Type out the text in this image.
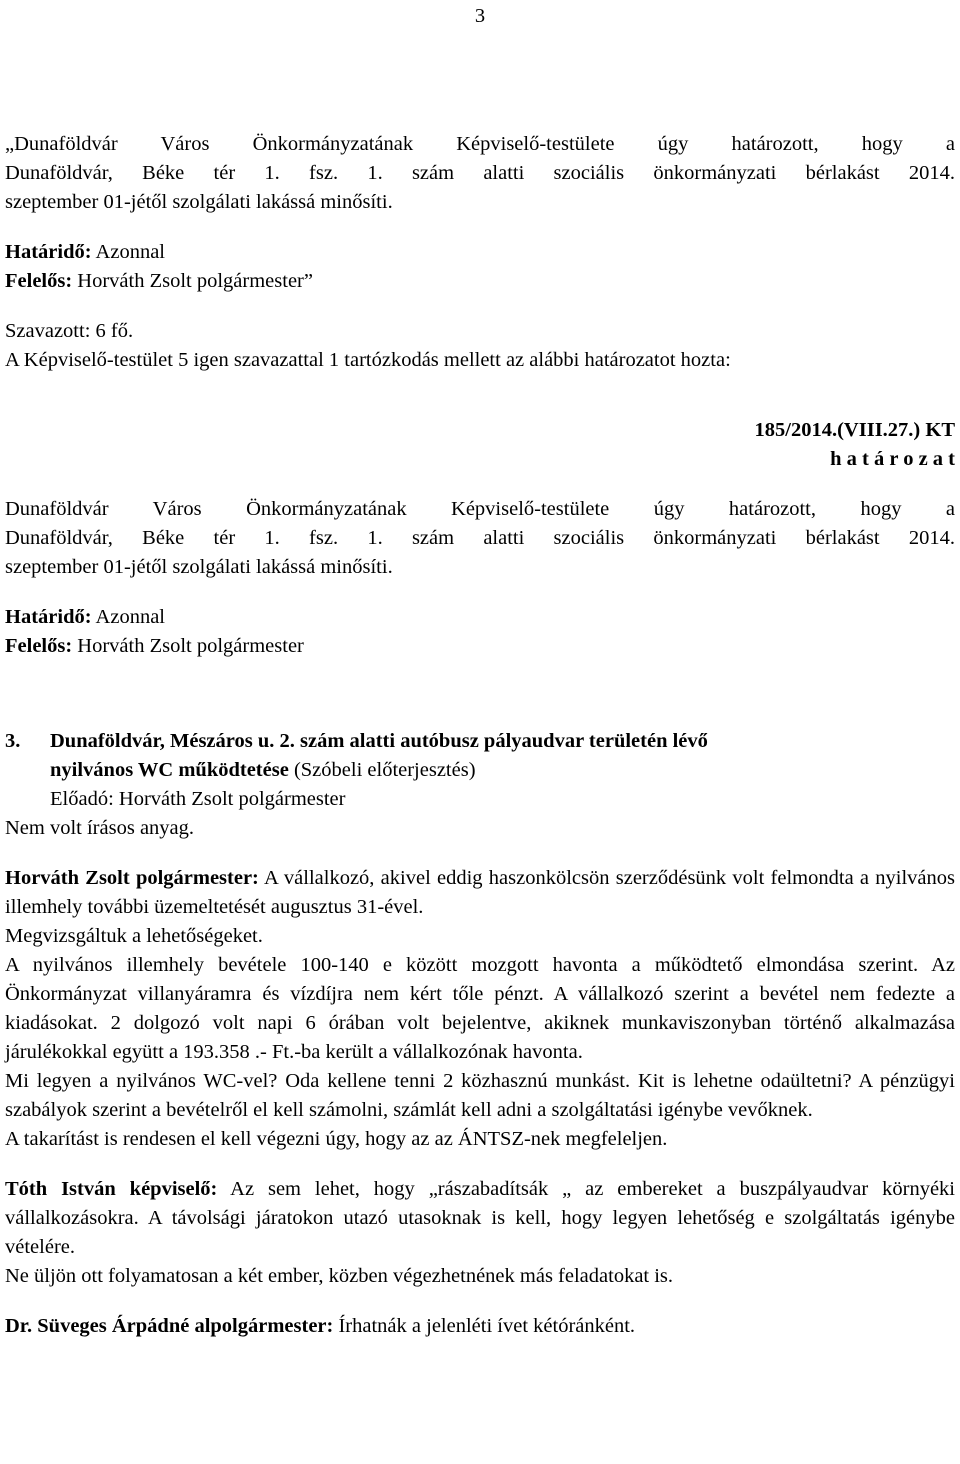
3

„Dunaföldvár Város Önkormányzatának Képviselő-testülete úgy határozott, hogy a

Dunaföldvár, Béke tér 1. fsz. 1. szám alatti szociális önkormányzati bérlakást 2014.

szeptember 01-jétől szolgálati lakássá minősíti.

Határidő: Azonnal

Felelős: Horváth Zsolt polgármester”

Szavazott: 6 fő.

A Képviselő-testület 5 igen szavazattal 1 tartózkodás mellett az alábbi határozatot hozta:

185/2014.(VIII.27.) KT

h a t á r o z a t

Dunaföldvár Város Önkormányzatának Képviselő-testülete úgy határozott, hogy a

Dunaföldvár, Béke tér 1. fsz. 1. szám alatti szociális önkormányzati bérlakást 2014.

szeptember 01-jétől szolgálati lakássá minősíti.

Határidő: Azonnal

Felelős: Horváth Zsolt polgármester

3.	Dunaföldvár, Mészáros u. 2. szám alatti autóbusz pályaudvar területén lévő

nyilvános WC működtetése (Szóbeli előterjesztés)

Előadó: Horváth Zsolt polgármester

Nem volt írásos anyag.

Horváth Zsolt polgármester: A vállalkozó, akivel eddig haszonkölcsön szerződésünk volt felmondta a nyilvános illemhely további üzemeltetését augusztus 31-ével.

Megvizsgáltuk a lehetőségeket.

A nyilvános illemhely bevétele 100-140 e között mozgott havonta a működtető elmondása szerint. Az Önkormányzat villanyáramra és vízdíjra nem kért tőle pénzt. A vállalkozó szerint a bevétel nem fedezte a kiadásokat. 2 dolgozó volt napi 6 órában volt bejelentve, akiknek munkaviszonyban történő alkalmazása járulékokkal együtt a 193.358 .- Ft.-ba került a vállalkozónak havonta.

Mi legyen a nyilvános WC-vel? Oda kellene tenni 2 közhasznú munkást. Kit is lehetne odaültetni? A pénzügyi szabályok szerint a bevételről el kell számolni, számlát kell adni a szolgáltatási igénybe vevőknek.

A takarítást is rendesen el kell végezni úgy, hogy az az ÁNTSZ-nek megfeleljen.

Tóth István képviselő: Az sem lehet, hogy „rászabadítsák „ az embereket a buszpályaudvar környéki vállalkozásokra. A távolsági járatokon utazó utasoknak is kell, hogy legyen lehetőség e szolgáltatás igénybe vételére.

Ne üljön ott folyamatosan a két ember, közben végezhetnének más feladatokat is.

Dr. Süveges Árpádné alpolgármester: Írhatnák a jelenléti ívet kétóránként.
